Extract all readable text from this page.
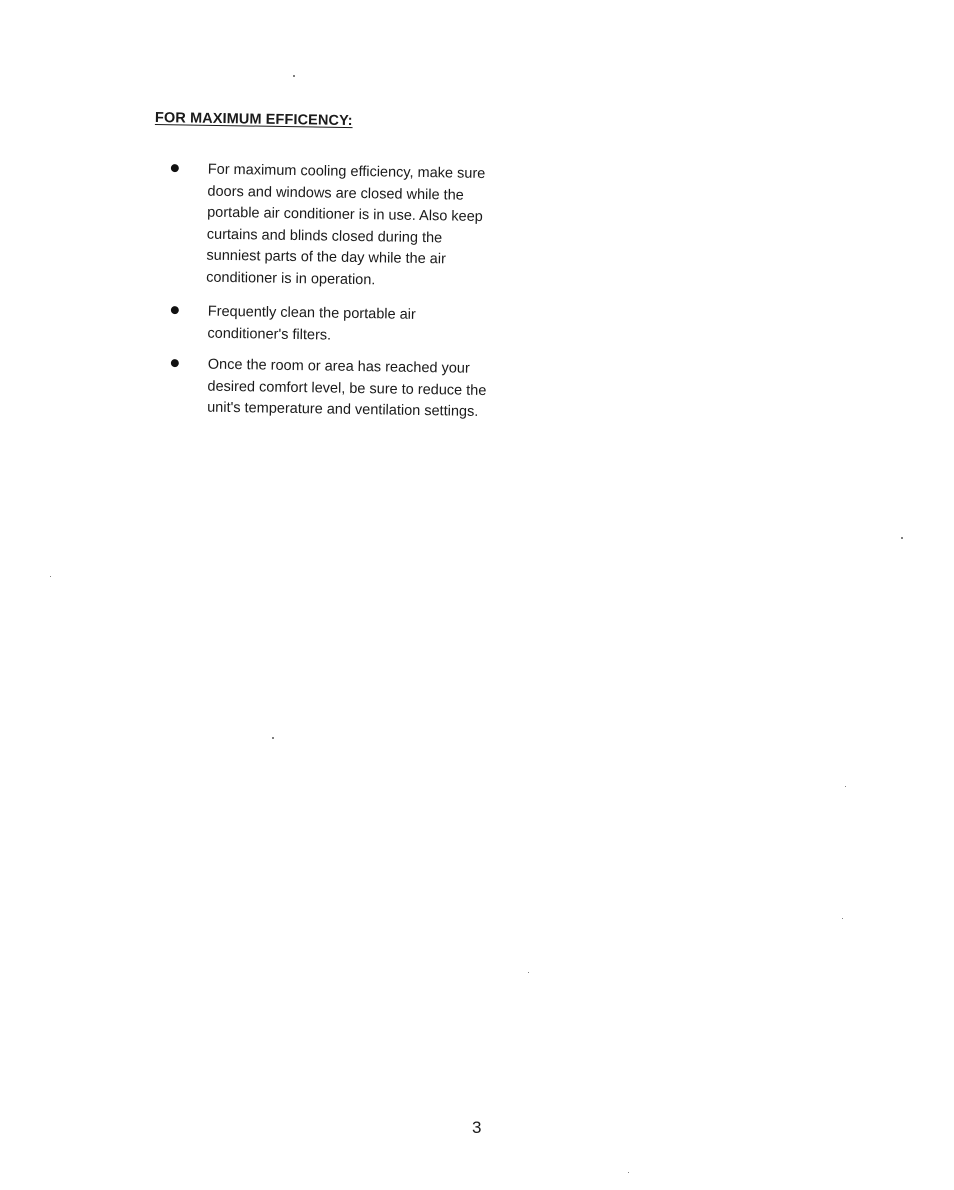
FOR MAXIMUM EFFICENCY:
For maximum cooling efficiency, make sure
doors and windows are closed while the
portable air conditioner is in use. Also keep
curtains and blinds closed during the
sunniest parts of the day while the air
conditioner is in operation.
Frequently clean the portable air
conditioner's filters.
Once the room or area has reached your
desired comfort level, be sure to reduce the
unit's temperature and ventilation settings.
3
